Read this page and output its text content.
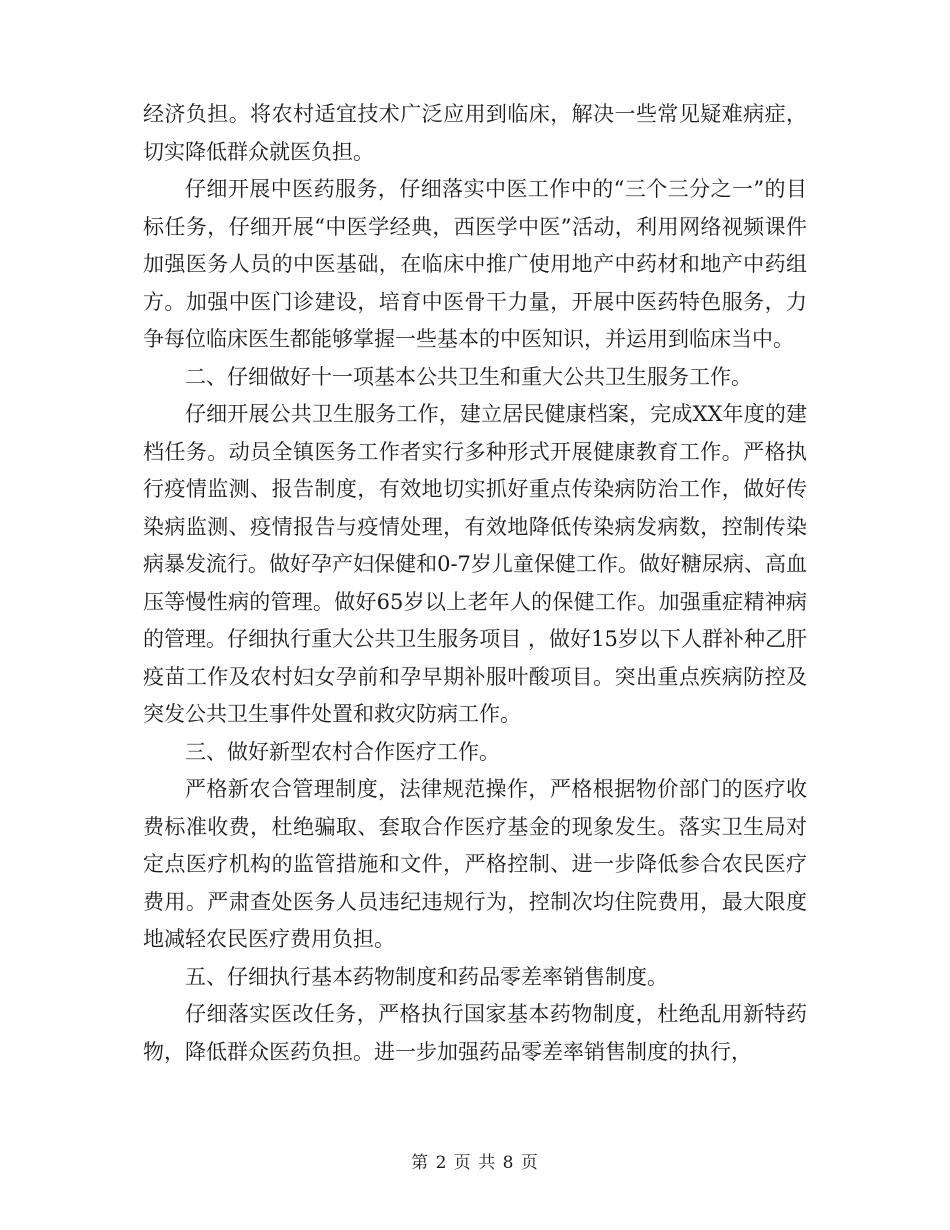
经济负担。将农村适宜技术广泛应用到临床，解决一些常见疑难病症，切实降低群众就医负担。

仔细开展中医药服务，仔细落实中医工作中的“三个三分之一”的目标任务，仔细开展“中医学经典，西医学中医”活动，利用网络视频课件加强医务人员的中医基础，在临床中推广使用地产中药材和地产中药组方。加强中医门诊建设，培育中医骨干力量，开展中医药特色服务，力争每位临床医生都能够掌握一些基本的中医知识，并运用到临床当中。

二、仔细做好十一项基本公共卫生和重大公共卫生服务工作。

仔细开展公共卫生服务工作，建立居民健康档案，完成XX年度的建档任务。动员全镇医务工作者实行多种形式开展健康教育工作。严格执行疫情监测、报告制度，有效地切实抓好重点传染病防治工作，做好传染病监测、疫情报告与疫情处理，有效地降低传染病发病数，控制传染病暴发流行。做好孕产妇保健和0-7岁儿童保健工作。做好糖尿病、高血压等慢性病的管理。做好65岁以上老年人的保健工作。加强重症精神病的管理。仔细执行重大公共卫生服务项目 ，做好15岁以下人群补种乙肝疫苗工作及农村妇女孕前和孕早期补服叶酸项目。突出重点疾病防控及突发公共卫生事件处置和救灾防病工作。

三、做好新型农村合作医疗工作。

严格新农合管理制度，法律规范操作，严格根据物价部门的医疗收费标准收费，杜绝骗取、套取合作医疗基金的现象发生。落实卫生局对定点医疗机构的监管措施和文件，严格控制、进一步降低参合农民医疗费用。严肃查处医务人员违纪违规行为，控制次均住院费用，最大限度地减轻农民医疗费用负担。

五、仔细执行基本药物制度和药品零差率销售制度。

仔细落实医改任务，严格执行国家基本药物制度，杜绝乱用新特药物，降低群众医药负担。进一步加强药品零差率销售制度的执行，

第 2 页 共 8 页
